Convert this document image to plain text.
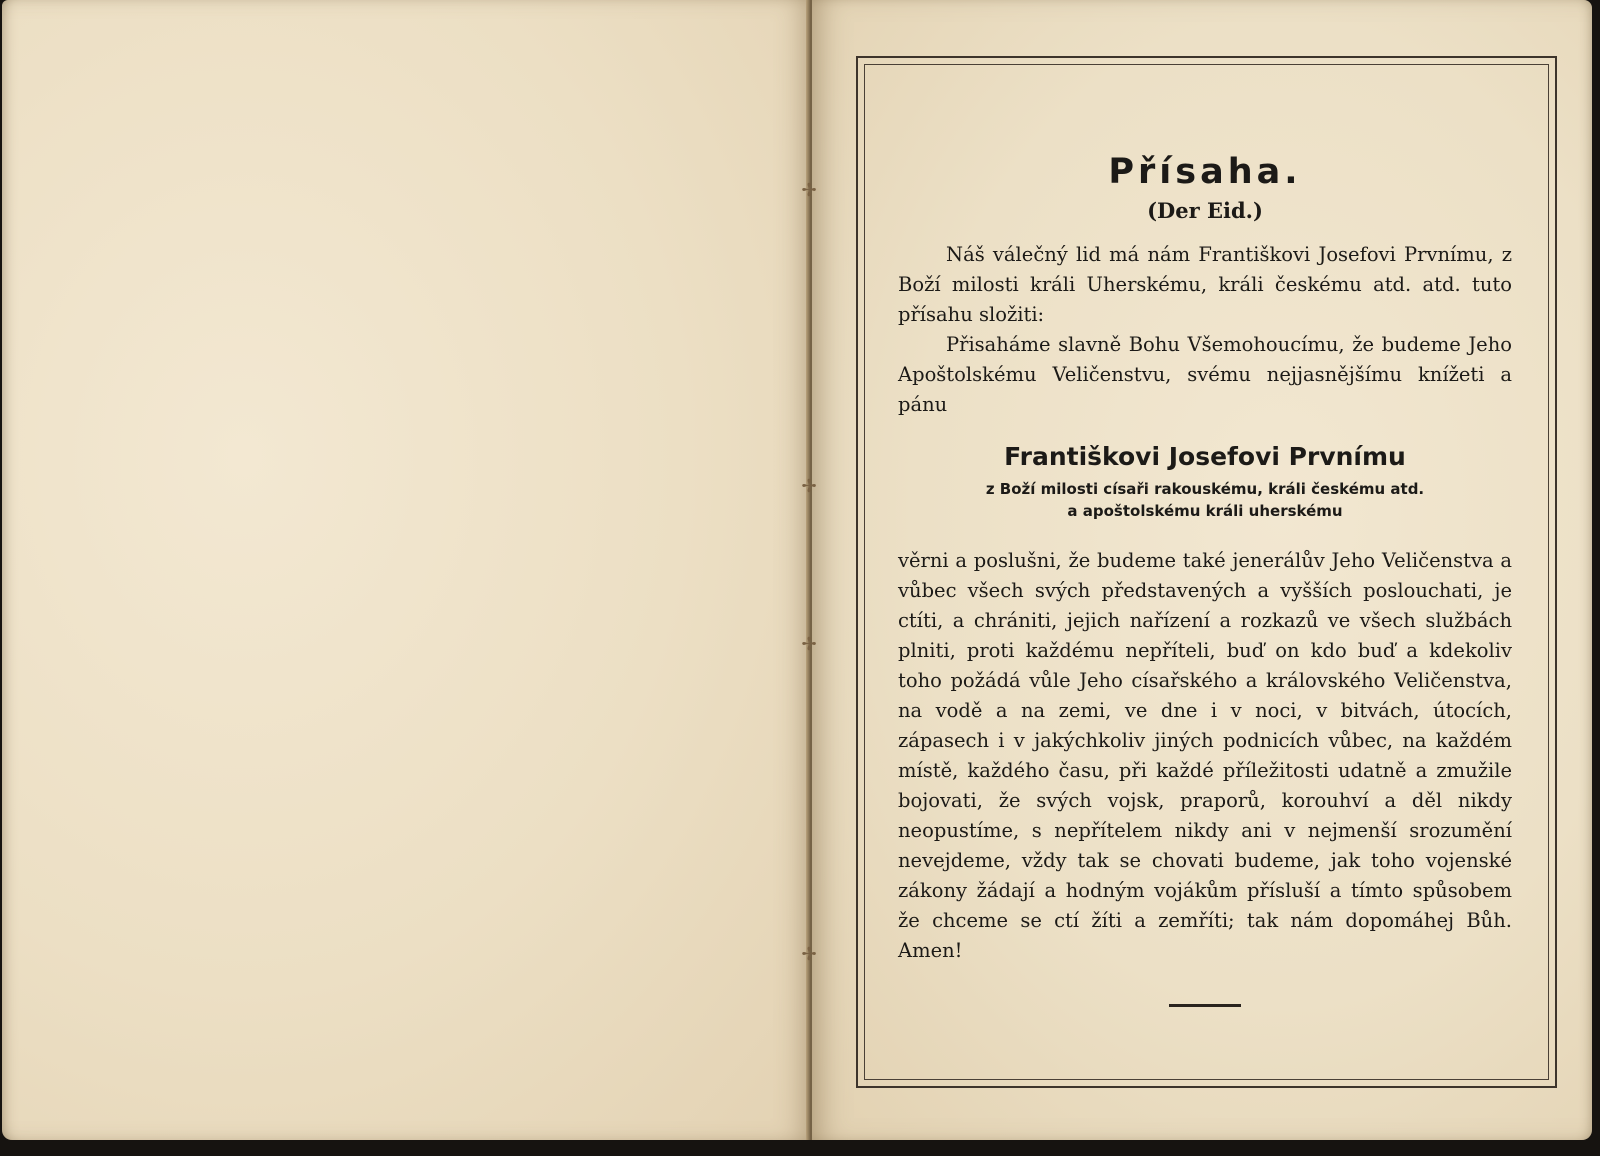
✢
✢
✢
✢
Přísaha.
(Der Eid.)

Náš válečný lid má nám Františkovi Josefovi Prvnímu, z Boží milosti králi Uherskému, králi českému atd. atd. tuto přísahu složiti:

Přisaháme slavně Bohu Všemohoucímu, že budeme Jeho Apoštolskému Veličenstvu, svému nejjasnějšímu knížeti a pánu

Františkovi Josefovi Prvnímu
z Boží milosti císaři rakouskému, králi českému atd.
a apoštolskému králi uherskému

věrni a poslušni, že budeme také jenerálův Jeho Veličenstva a vůbec všech svých představených a vyšších poslouchati, je ctíti, a chrániti, jejich nařízení a rozkazů ve všech službách plniti, proti každému nepříteli, buď on kdo buď a kdekoliv toho požádá vůle Jeho císařského a královského Veličenstva, na vodě a na zemi, ve dne i v noci, v bitvách, útocích, zápasech i v jakýchkoliv jiných podnicích vůbec, na každém místě, každého času, při každé příležitosti udatně a zmužile bojovati, že svých vojsk, praporů, korouhví a děl nikdy neopustíme, s nepřítelem nikdy ani v nejmenší srozumění nevejdeme, vždy tak se chovati budeme, jak toho vojenské zákony žádají a hodným vojákům přísluší a tímto spůsobem že chceme se ctí žíti a zemříti; tak nám dopomáhej Bůh. Amen!
